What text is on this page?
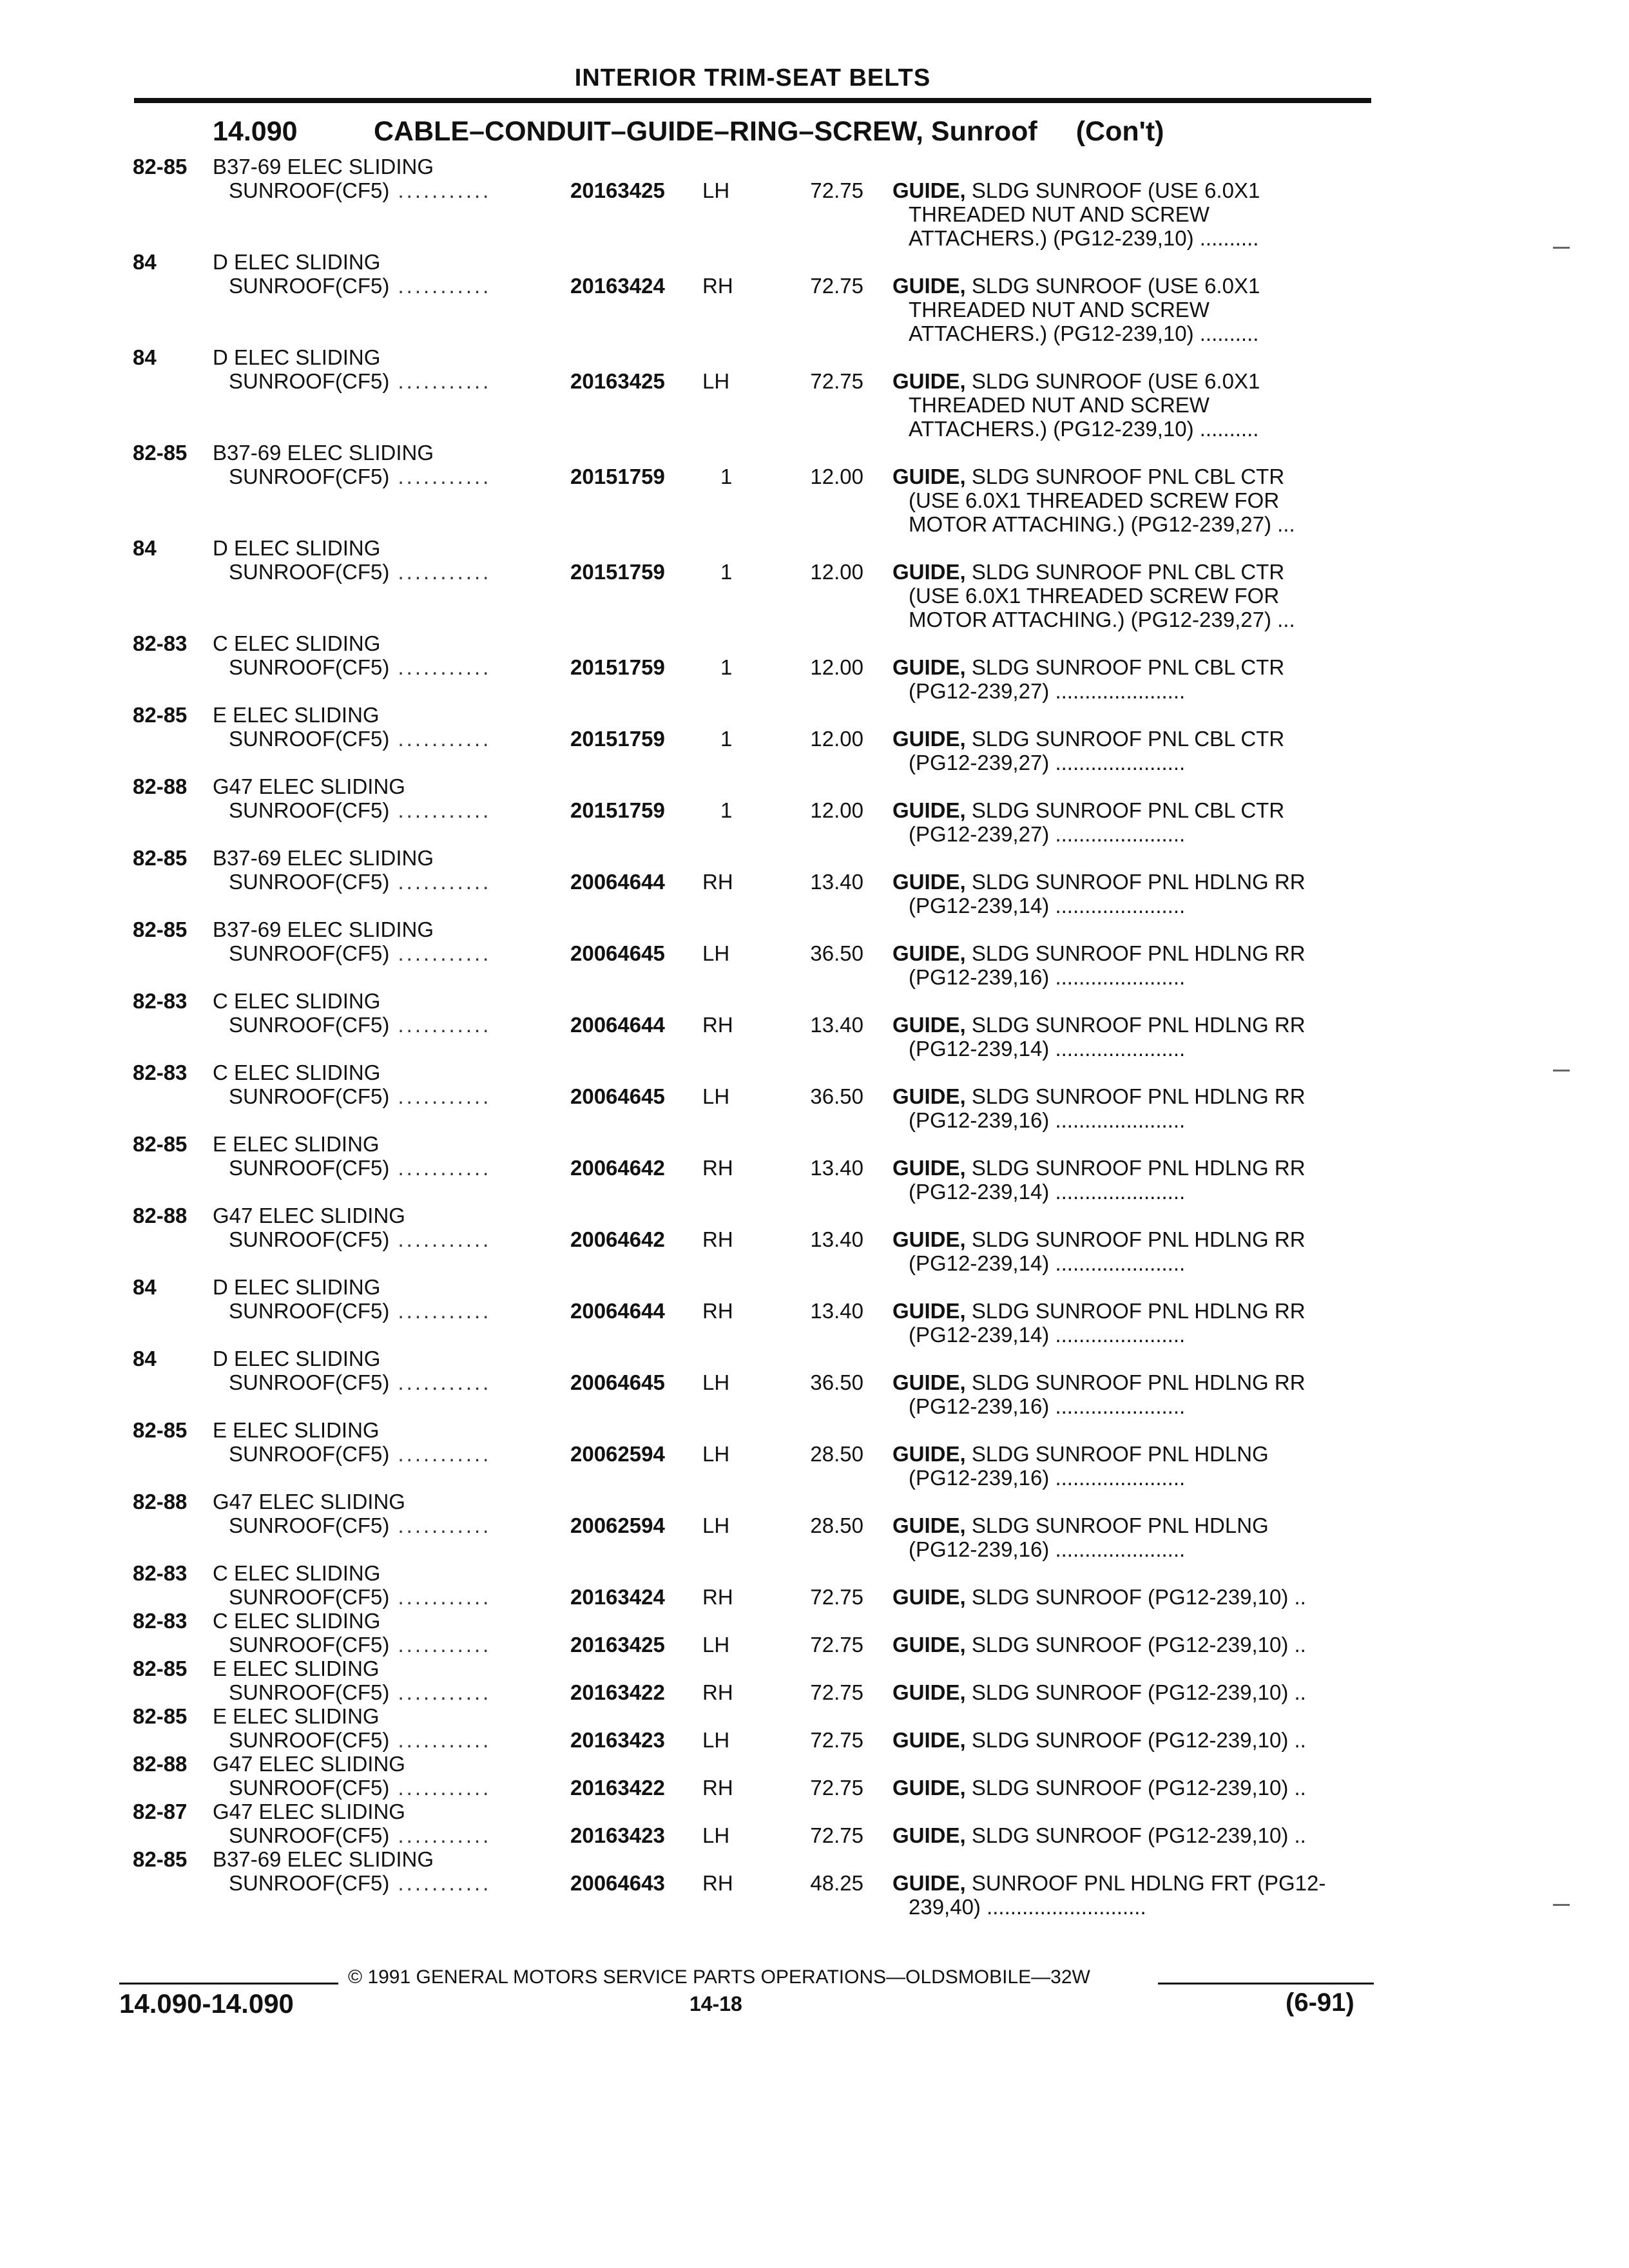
INTERIOR TRIM-SEAT BELTS
14.090	CABLE–CONDUIT–GUIDE–RING–SCREW, Sunroof (Con't)
82-85 B37-69 ELEC SLIDING
SUNROOF(CF5) ...........	20163425 LH	72.75 GUIDE, SLDG SUNROOF (USE 6.0X1
THREADED NUT AND SCREW
ATTACHERS.) (PG12-239,10) ..........
84	D ELEC SLIDING
SUNROOF(CF5) ...........	20163424 RH	72.75 GUIDE, SLDG SUNROOF (USE 6.0X1
THREADED NUT AND SCREW
ATTACHERS.) (PG12-239,10) ..........
84	D ELEC SLIDING
SUNROOF(CF5) ...........	20163425 LH	72.75 GUIDE, SLDG SUNROOF (USE 6.0X1
THREADED NUT AND SCREW
ATTACHERS.) (PG12-239,10) ..........
82-85 B37-69 ELEC SLIDING
SUNROOF(CF5) ...........	20151759	1	12.00 GUIDE, SLDG SUNROOF PNL CBL CTR
(USE 6.0X1 THREADED SCREW FOR
MOTOR ATTACHING.) (PG12-239,27) ...
84	D ELEC SLIDING
SUNROOF(CF5) ...........	20151759	1	12.00 GUIDE, SLDG SUNROOF PNL CBL CTR
(USE 6.0X1 THREADED SCREW FOR
MOTOR ATTACHING.) (PG12-239,27) ...
82-83 C ELEC SLIDING
SUNROOF(CF5) ...........	20151759	1	12.00 GUIDE, SLDG SUNROOF PNL CBL CTR
(PG12-239,27) ......................
82-85 E ELEC SLIDING
SUNROOF(CF5) ...........	20151759	1	12.00 GUIDE, SLDG SUNROOF PNL CBL CTR
(PG12-239,27) ......................
82-88 G47 ELEC SLIDING
SUNROOF(CF5) ...........	20151759	1	12.00 GUIDE, SLDG SUNROOF PNL CBL CTR
(PG12-239,27) ......................
82-85 B37-69 ELEC SLIDING
SUNROOF(CF5) ...........	20064644 RH	13.40 GUIDE, SLDG SUNROOF PNL HDLNG RR
(PG12-239,14) ......................
82-85 B37-69 ELEC SLIDING
SUNROOF(CF5) ...........	20064645 LH	36.50 GUIDE, SLDG SUNROOF PNL HDLNG RR
(PG12-239,16) ......................
82-83 C ELEC SLIDING
SUNROOF(CF5) ...........	20064644 RH	13.40 GUIDE, SLDG SUNROOF PNL HDLNG RR
(PG12-239,14) ......................
82-83 C ELEC SLIDING
SUNROOF(CF5) ...........	20064645 LH	36.50 GUIDE, SLDG SUNROOF PNL HDLNG RR
(PG12-239,16) ......................
82-85 E ELEC SLIDING
SUNROOF(CF5) ...........	20064642 RH	13.40 GUIDE, SLDG SUNROOF PNL HDLNG RR
(PG12-239,14) ......................
82-88 G47 ELEC SLIDING
SUNROOF(CF5) ...........	20064642 RH	13.40 GUIDE, SLDG SUNROOF PNL HDLNG RR
(PG12-239,14) ......................
84	D ELEC SLIDING
SUNROOF(CF5) ...........	20064644 RH	13.40 GUIDE, SLDG SUNROOF PNL HDLNG RR
(PG12-239,14) ......................
84	D ELEC SLIDING
SUNROOF(CF5) ...........	20064645 LH	36.50 GUIDE, SLDG SUNROOF PNL HDLNG RR
(PG12-239,16) ......................
82-85 E ELEC SLIDING
SUNROOF(CF5) ...........	20062594 LH	28.50 GUIDE, SLDG SUNROOF PNL HDLNG
(PG12-239,16) ......................
82-88 G47 ELEC SLIDING
SUNROOF(CF5) ...........	20062594 LH	28.50 GUIDE, SLDG SUNROOF PNL HDLNG
(PG12-239,16) ......................
82-83 C ELEC SLIDING
SUNROOF(CF5) ...........	20163424 RH	72.75 GUIDE, SLDG SUNROOF (PG12-239,10) ..
82-83 C ELEC SLIDING
SUNROOF(CF5) ...........	20163425 LH	72.75 GUIDE, SLDG SUNROOF (PG12-239,10) ..
82-85 E ELEC SLIDING
SUNROOF(CF5) ...........	20163422 RH	72.75 GUIDE, SLDG SUNROOF (PG12-239,10) ..
82-85 E ELEC SLIDING
SUNROOF(CF5) ...........	20163423 LH	72.75 GUIDE, SLDG SUNROOF (PG12-239,10) ..
82-88 G47 ELEC SLIDING
SUNROOF(CF5) ...........	20163422 RH	72.75 GUIDE, SLDG SUNROOF (PG12-239,10) ..
82-87 G47 ELEC SLIDING
SUNROOF(CF5) ...........	20163423 LH	72.75 GUIDE, SLDG SUNROOF (PG12-239,10) ..
82-85 B37-69 ELEC SLIDING
SUNROOF(CF5) ...........	20064643 RH	48.25 GUIDE, SUNROOF PNL HDLNG FRT (PG12-
239,40) ...........................
© 1991 GENERAL MOTORS SERVICE PARTS OPERATIONS—OLDSMOBILE—32W
14.090-14.090	14-18	(6-91)
